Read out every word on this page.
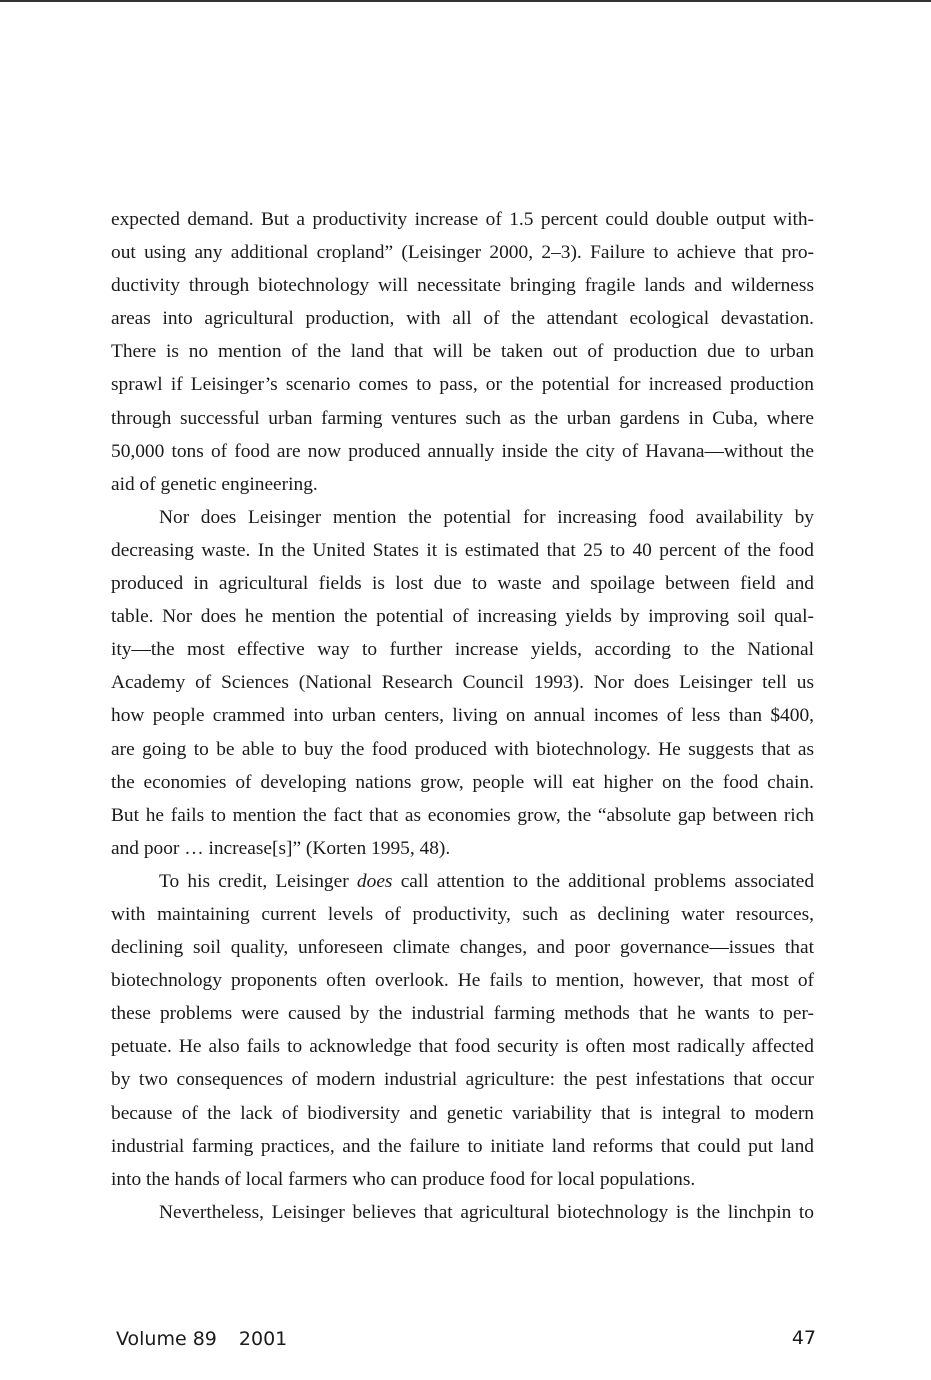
expected demand. But a productivity increase of 1.5 percent could double output with-
out using any additional cropland” (Leisinger 2000, 2–3). Failure to achieve that pro-
ductivity through biotechnology will necessitate bringing fragile lands and wilderness
areas into agricultural production, with all of the attendant ecological devastation.
There is no mention of the land that will be taken out of production due to urban
sprawl if Leisinger’s scenario comes to pass, or the potential for increased production
through successful urban farming ventures such as the urban gardens in Cuba, where
50,000 tons of food are now produced annually inside the city of Havana—without the
aid of genetic engineering.
Nor does Leisinger mention the potential for increasing food availability by
decreasing waste. In the United States it is estimated that 25 to 40 percent of the food
produced in agricultural fields is lost due to waste and spoilage between field and
table. Nor does he mention the potential of increasing yields by improving soil qual-
ity—the most effective way to further increase yields, according to the National
Academy of Sciences (National Research Council 1993). Nor does Leisinger tell us
how people crammed into urban centers, living on annual incomes of less than $400,
are going to be able to buy the food produced with biotechnology. He suggests that as
the economies of developing nations grow, people will eat higher on the food chain.
But he fails to mention the fact that as economies grow, the “absolute gap between rich
and poor … increase[s]” (Korten 1995, 48).
To his credit, Leisinger does call attention to the additional problems associated
with maintaining current levels of productivity, such as declining water resources,
declining soil quality, unforeseen climate changes, and poor governance—issues that
biotechnology proponents often overlook. He fails to mention, however, that most of
these problems were caused by the industrial farming methods that he wants to per-
petuate. He also fails to acknowledge that food security is often most radically affected
by two consequences of modern industrial agriculture: the pest infestations that occur
because of the lack of biodiversity and genetic variability that is integral to modern
industrial farming practices, and the failure to initiate land reforms that could put land
into the hands of local farmers who can produce food for local populations.
Nevertheless, Leisinger believes that agricultural biotechnology is the linchpin to
Volume 89 2001	47
